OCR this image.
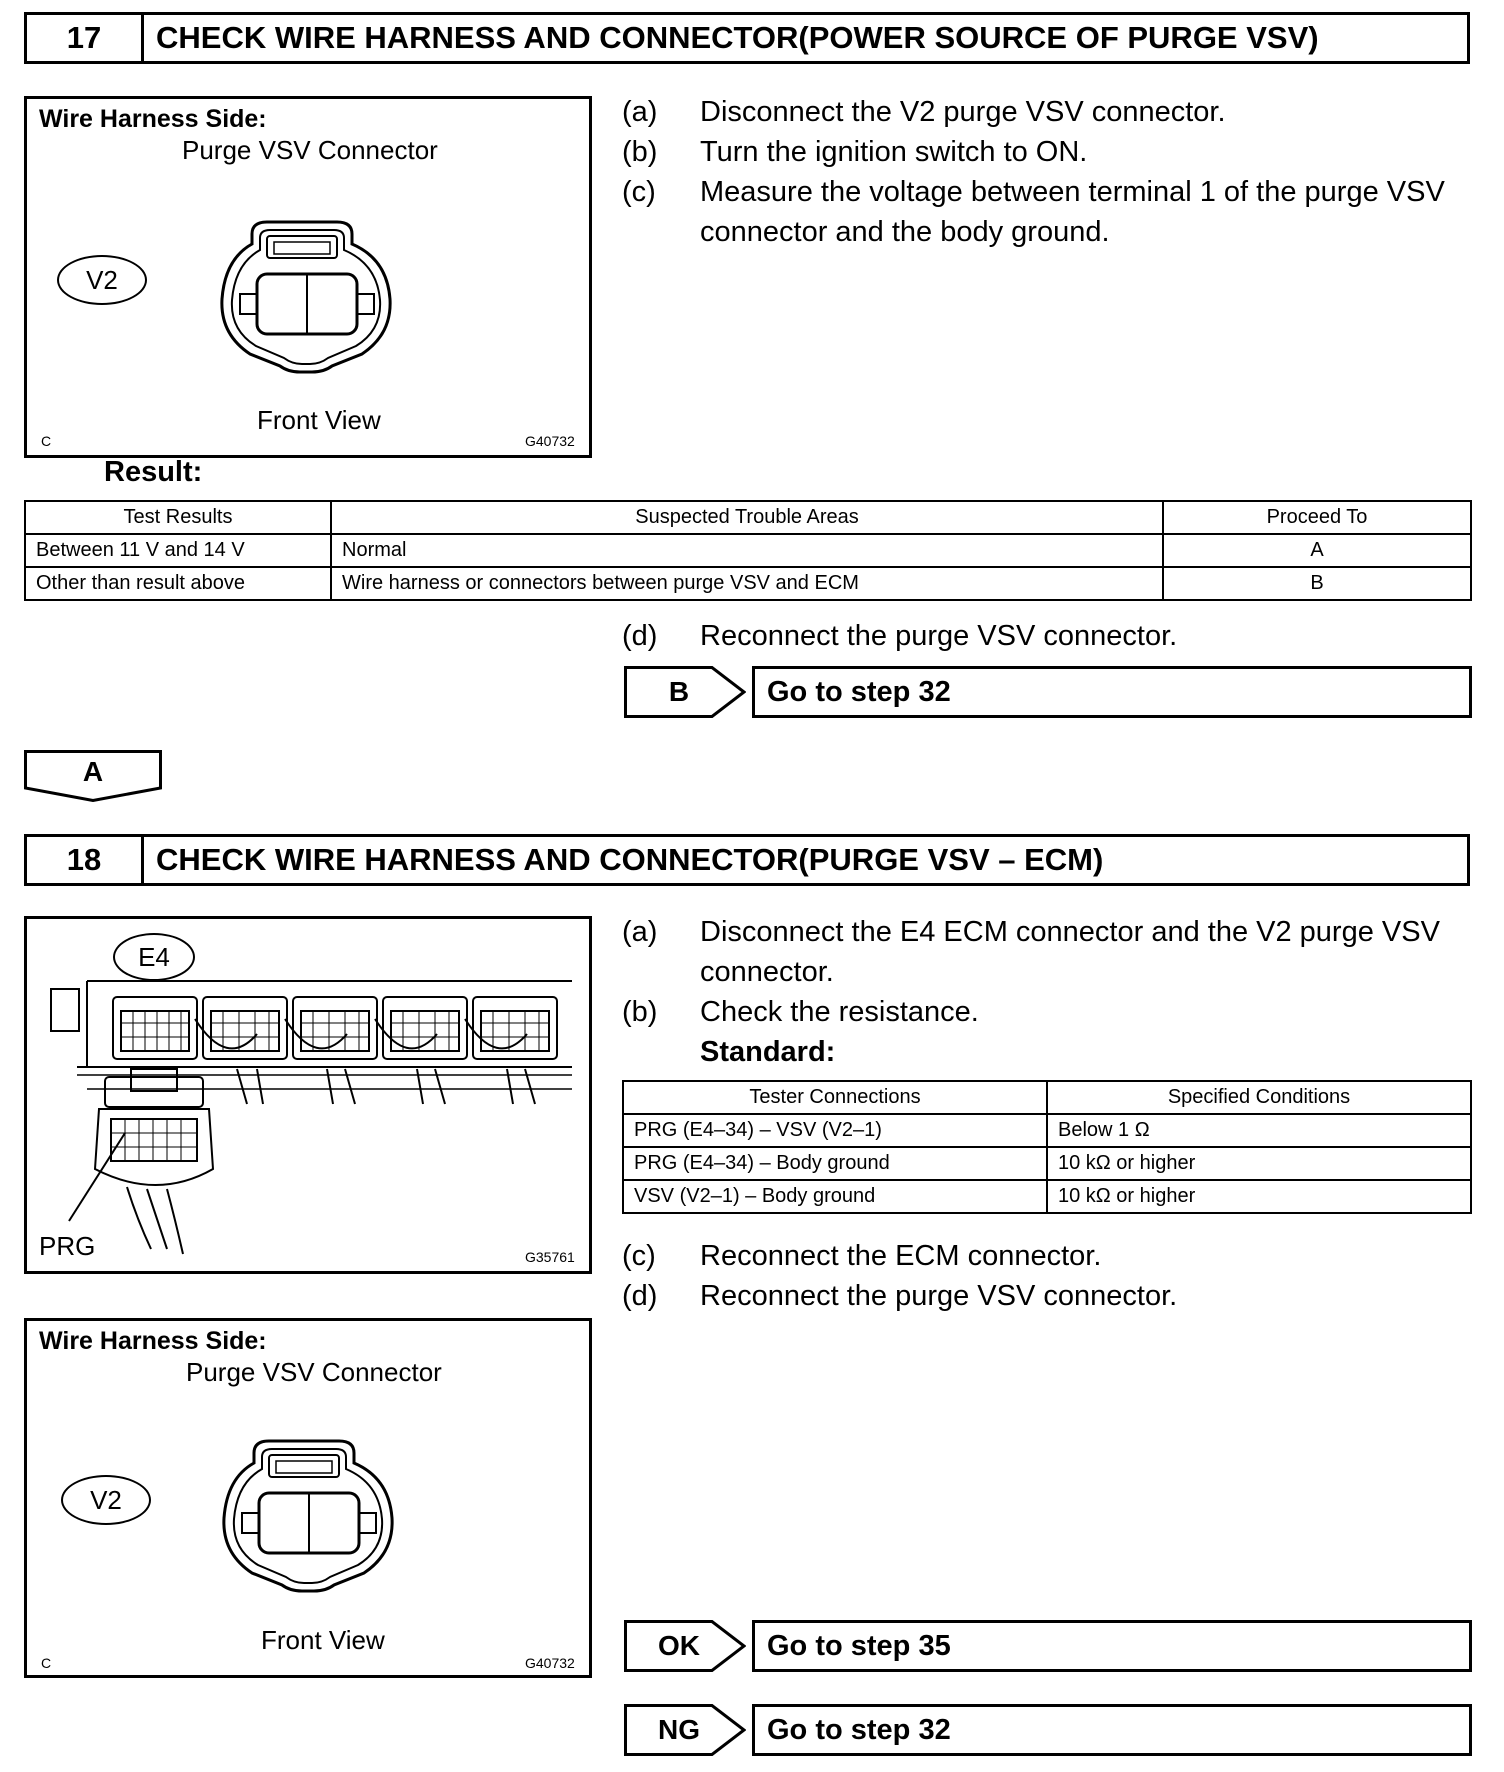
17	CHECK WIRE HARNESS AND CONNECTOR(POWER SOURCE OF PURGE VSV)
Wire Harness Side:
Purge VSV Connector
V2
Front View
C	G40732
(a)	Disconnect the V2 purge VSV connector.
(b)	Turn the ignition switch to ON.
(c)	Measure the voltage between terminal 1 of the purge VSV connector and the body ground.
Result:
Test Results	Suspected Trouble Areas	Proceed To
Between 11 V and 14 V	Normal	A
Other than result above	Wire harness or connectors between purge VSV and ECM	B
(d)	Reconnect the purge VSV connector.
B	Go to step 32
A
18	CHECK WIRE HARNESS AND CONNECTOR(PURGE VSV – ECM)
E4
PRG	G35761
Wire Harness Side:
Purge VSV Connector
V2
Front View
C	G40732
(a)	Disconnect the E4 ECM connector and the V2 purge VSV connector.
(b)	Check the resistance.
Standard:
Tester Connections	Specified Conditions
PRG (E4–34) – VSV (V2–1)	Below 1 Ω
PRG (E4–34) – Body ground	10 kΩ or higher
VSV (V2–1) – Body ground	10 kΩ or higher
(c)	Reconnect the ECM connector.
(d)	Reconnect the purge VSV connector.
OK	Go to step 35
NG	Go to step 32
